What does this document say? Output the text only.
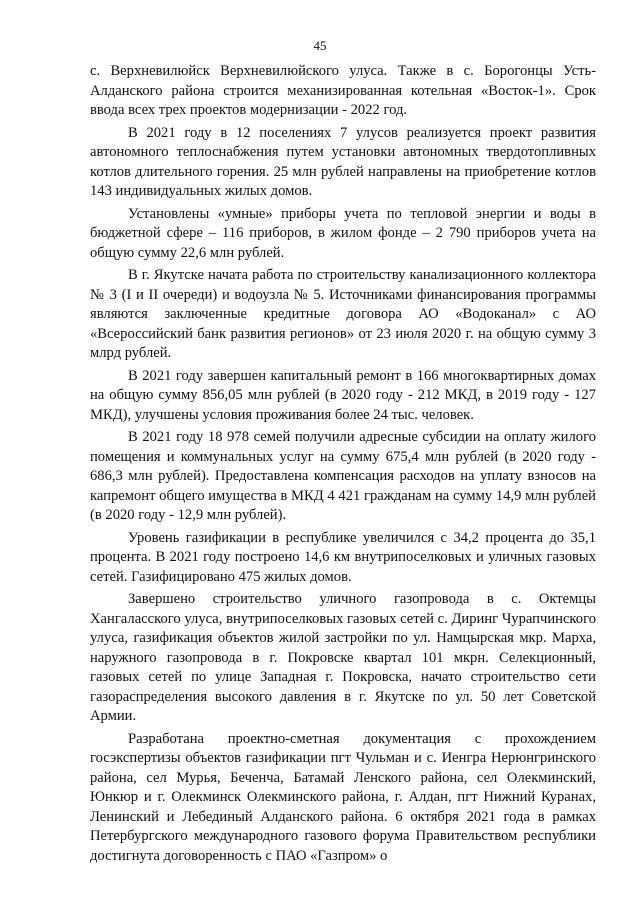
45

с. Верхневилюйск Верхневилюйского улуса. Также в с. Борогонцы Усть-Алданского района строится механизированная котельная «Восток-1». Срок ввода всех трех проектов модернизации - 2022 год.

В 2021 году в 12 поселениях 7 улусов реализуется проект развития автономного теплоснабжения путем установки автономных твердотопливных котлов длительного горения. 25 млн рублей направлены на приобретение котлов 143 индивидуальных жилых домов.

Установлены «умные» приборы учета по тепловой энергии и воды в бюджетной сфере – 116 приборов, в жилом фонде – 2 790 приборов учета на общую сумму 22,6 млн рублей.

В г. Якутске начата работа по строительству канализационного коллектора № 3 (I и II очереди) и водоузла № 5. Источниками финансирования программы являются заключенные кредитные договора АО «Водоканал» с АО «Всероссийский банк развития регионов» от 23 июля 2020 г. на общую сумму 3 млрд рублей.

В 2021 году завершен капитальный ремонт в 166 многоквартирных домах на общую сумму 856,05 млн рублей (в 2020 году - 212 МКД, в 2019 году - 127 МКД), улучшены условия проживания более 24 тыс. человек.

В 2021 году 18 978 семей получили адресные субсидии на оплату жилого помещения и коммунальных услуг на сумму 675,4 млн рублей (в 2020 году - 686,3 млн рублей). Предоставлена компенсация расходов на уплату взносов на капремонт общего имущества в МКД 4 421 гражданам на сумму 14,9 млн рублей (в 2020 году - 12,9 млн рублей).

Уровень газификации в республике увеличился с 34,2 процента до 35,1 процента. В 2021 году построено 14,6 км внутрипоселковых и уличных газовых сетей. Газифицировано 475 жилых домов.

Завершено строительство уличного газопровода в с. Октемцы Хангаласского улуса, внутрипоселковых газовых сетей с. Диринг Чурапчинского улуса, газификация объектов жилой застройки по ул. Намцырская мкр. Марха, наружного газопровода в г. Покровске квартал 101 мкрн. Селекционный, газовых сетей по улице Западная г. Покровска, начато строительство сети газораспределения высокого давления в г. Якутске по ул. 50 лет Советской Армии.

Разработана проектно-сметная документация с прохождением госэкспертизы объектов газификации пгт Чульман и с. Иенгра Нерюнгринского района, сел Мурья, Беченча, Батамай Ленского района, сел Олекминский, Юнкюр и г. Олекминск Олекминского района, г. Алдан, пгт Нижний Куранах, Ленинский и Лебединый Алданского района. 6 октября 2021 года в рамках Петербургского международного газового форума Правительством республики достигнута договоренность с ПАО «Газпром» о
